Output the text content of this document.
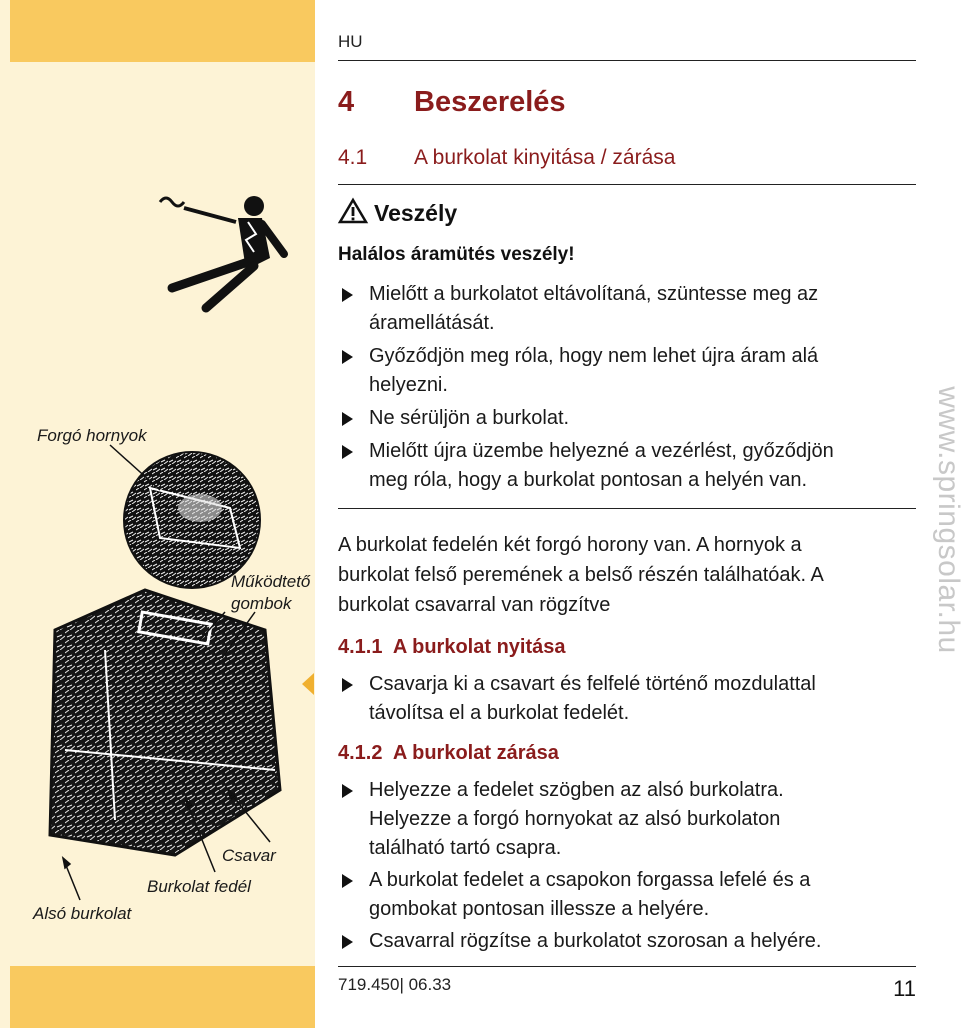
Forgó hornyok
Működtető
gombok
Csavar
Burkolat fedél
Alsó burkolat
HU
4 Beszerelés
4.1 A burkolat kinyitása / zárása
Veszély
Halálos áramütés veszély!
Mielőtt a burkolatot eltávolítaná, szüntesse meg az
áramellátását.
Győződjön meg róla, hogy nem lehet újra áram alá
helyezni.
Ne sérüljön a burkolat.
Mielőtt újra üzembe helyezné a vezérlést, győződjön
meg róla, hogy a burkolat pontosan a helyén van.
A burkolat fedelén két forgó horony van. A hornyok a
burkolat felső peremének a belső részén találhatóak. A
burkolat csavarral van rögzítve
4.1.1 A burkolat nyitása
Csavarja ki a csavart és felfelé történő mozdulattal
távolítsa el a burkolat fedelét.
4.1.2 A burkolat zárása
Helyezze a fedelet szögben az alsó burkolatra.
Helyezze a forgó hornyokat az alsó burkolaton
található tartó csapra.
A burkolat fedelet a csapokon forgassa lefelé és a
gombokat pontosan illessze a helyére.
Csavarral rögzítse a burkolatot szorosan a helyére.
719.450| 06.33	11
www.springsolar.hu
